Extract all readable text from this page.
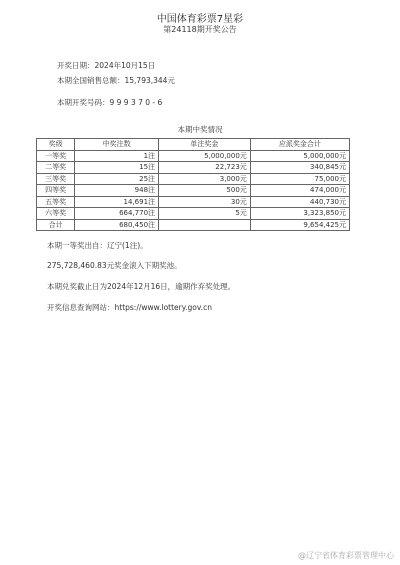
中国体育彩票7星彩
第24118期开奖公告
开奖日期：2024年10月15日
本期全国销售总额：15,793,344元
本期开奖号码：9 9 9 3 7 0 - 6
本期中奖情况
奖级	中奖注数	单注奖金	应派奖金合计
一等奖	1注	5,000,000元	5,000,000元
二等奖	15注	22,723元	340,845元
三等奖	25注	3,000元	75,000元
四等奖	948注	500元	474,000元
五等奖	14,691注	30元	440,730元
六等奖	664,770注	5元	3,323,850元
合计	680,450注		9,654,425元
本期一等奖出自：辽宁(1注)。
275,728,460.83元奖金滚入下期奖池。
本期兑奖截止日为2024年12月16日，逾期作弃奖处理。
开奖信息查询网站：https://www.lottery.gov.cn
@辽宁省体育彩票管理中心
